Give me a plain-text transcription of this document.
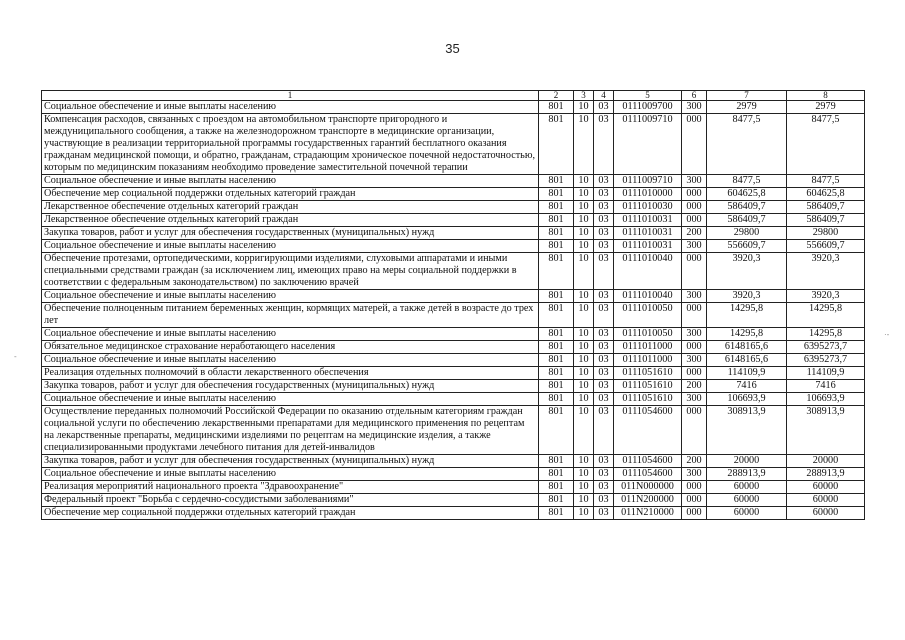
35
·-
-
1	2	3	4	5	6	7	8
Социальное обеспечение и иные выплаты населению	801	10	03	0111009700	300	2979	2979
Компенсация расходов, связанных с проездом на автомобильном транспорте пригородного и междуниципального сообщения, а также на железнодорожном транспорте в медицинские организации, участвующие в реализации территориальной программы государственных гарантий бесплатного оказания гражданам медицинской помощи, и обратно, гражданам, страдающим хроническое почечной недостаточностью, которым по медицинским показаниям необходимо проведение заместительной почечной терапии	801	10	03	0111009710	000	8477,5	8477,5
Социальное обеспечение и иные выплаты населению	801	10	03	0111009710	300	8477,5	8477,5
Обеспечение мер социальной поддержки отдельных категорий граждан	801	10	03	0111010000	000	604625,8	604625,8
Лекарственное обеспечение отдельных категорий граждан	801	10	03	0111010030	000	586409,7	586409,7
Лекарственное обеспечение отдельных категорий граждан	801	10	03	0111010031	000	586409,7	586409,7
Закупка товаров, работ и услуг для обеспечения государственных (муниципальных) нужд	801	10	03	0111010031	200	29800	29800
Социальное обеспечение и иные выплаты населению	801	10	03	0111010031	300	556609,7	556609,7
Обеспечение протезами, ортопедическими, корригирующими изделиями, слуховыми аппаратами и иными специальными средствами граждан (за исключением лиц, имеющих право на меры социальной поддержки в соответствии с федеральным законодательством) по заключению врачей	801	10	03	0111010040	000	3920,3	3920,3
Социальное обеспечение и иные выплаты населению	801	10	03	0111010040	300	3920,3	3920,3
Обеспечение полноценным питанием беременных женщин, кормящих матерей, а также детей в возрасте до трех лет	801	10	03	0111010050	000	14295,8	14295,8
Социальное обеспечение и иные выплаты населению	801	10	03	0111010050	300	14295,8	14295,8
Обязательное медицинское страхование неработающего населения	801	10	03	0111011000	000	6148165,6	6395273,7
Социальное обеспечение и иные выплаты населению	801	10	03	0111011000	300	6148165,6	6395273,7
Реализация отдельных полномочий в области лекарственного обеспечения	801	10	03	0111051610	000	114109,9	114109,9
Закупка товаров, работ и услуг для обеспечения государственных (муниципальных) нужд	801	10	03	0111051610	200	7416	7416
Социальное обеспечение и иные выплаты населению	801	10	03	0111051610	300	106693,9	106693,9
Осуществление переданных полномочий Российской Федерации по оказанию отдельным категориям граждан социальной услуги по обеспечению лекарственными препаратами для медицинского применения по рецептам на лекарственные препараты, медицинскими изделиями по рецептам на медицинские изделия, а также специализированными продуктами лечебного питания для детей-инвалидов	801	10	03	0111054600	000	308913,9	308913,9
Закупка товаров, работ и услуг для обеспечения государственных (муниципальных) нужд	801	10	03	0111054600	200	20000	20000
Социальное обеспечение и иные выплаты населению	801	10	03	0111054600	300	288913,9	288913,9
Реализация мероприятий национального проекта "Здравоохранение"	801	10	03	011N000000	000	60000	60000
Федеральный проект "Борьба с сердечно-сосудистыми заболеваниями"	801	10	03	011N200000	000	60000	60000
Обеспечение мер социальной поддержки отдельных категорий граждан	801	10	03	011N210000	000	60000	60000
